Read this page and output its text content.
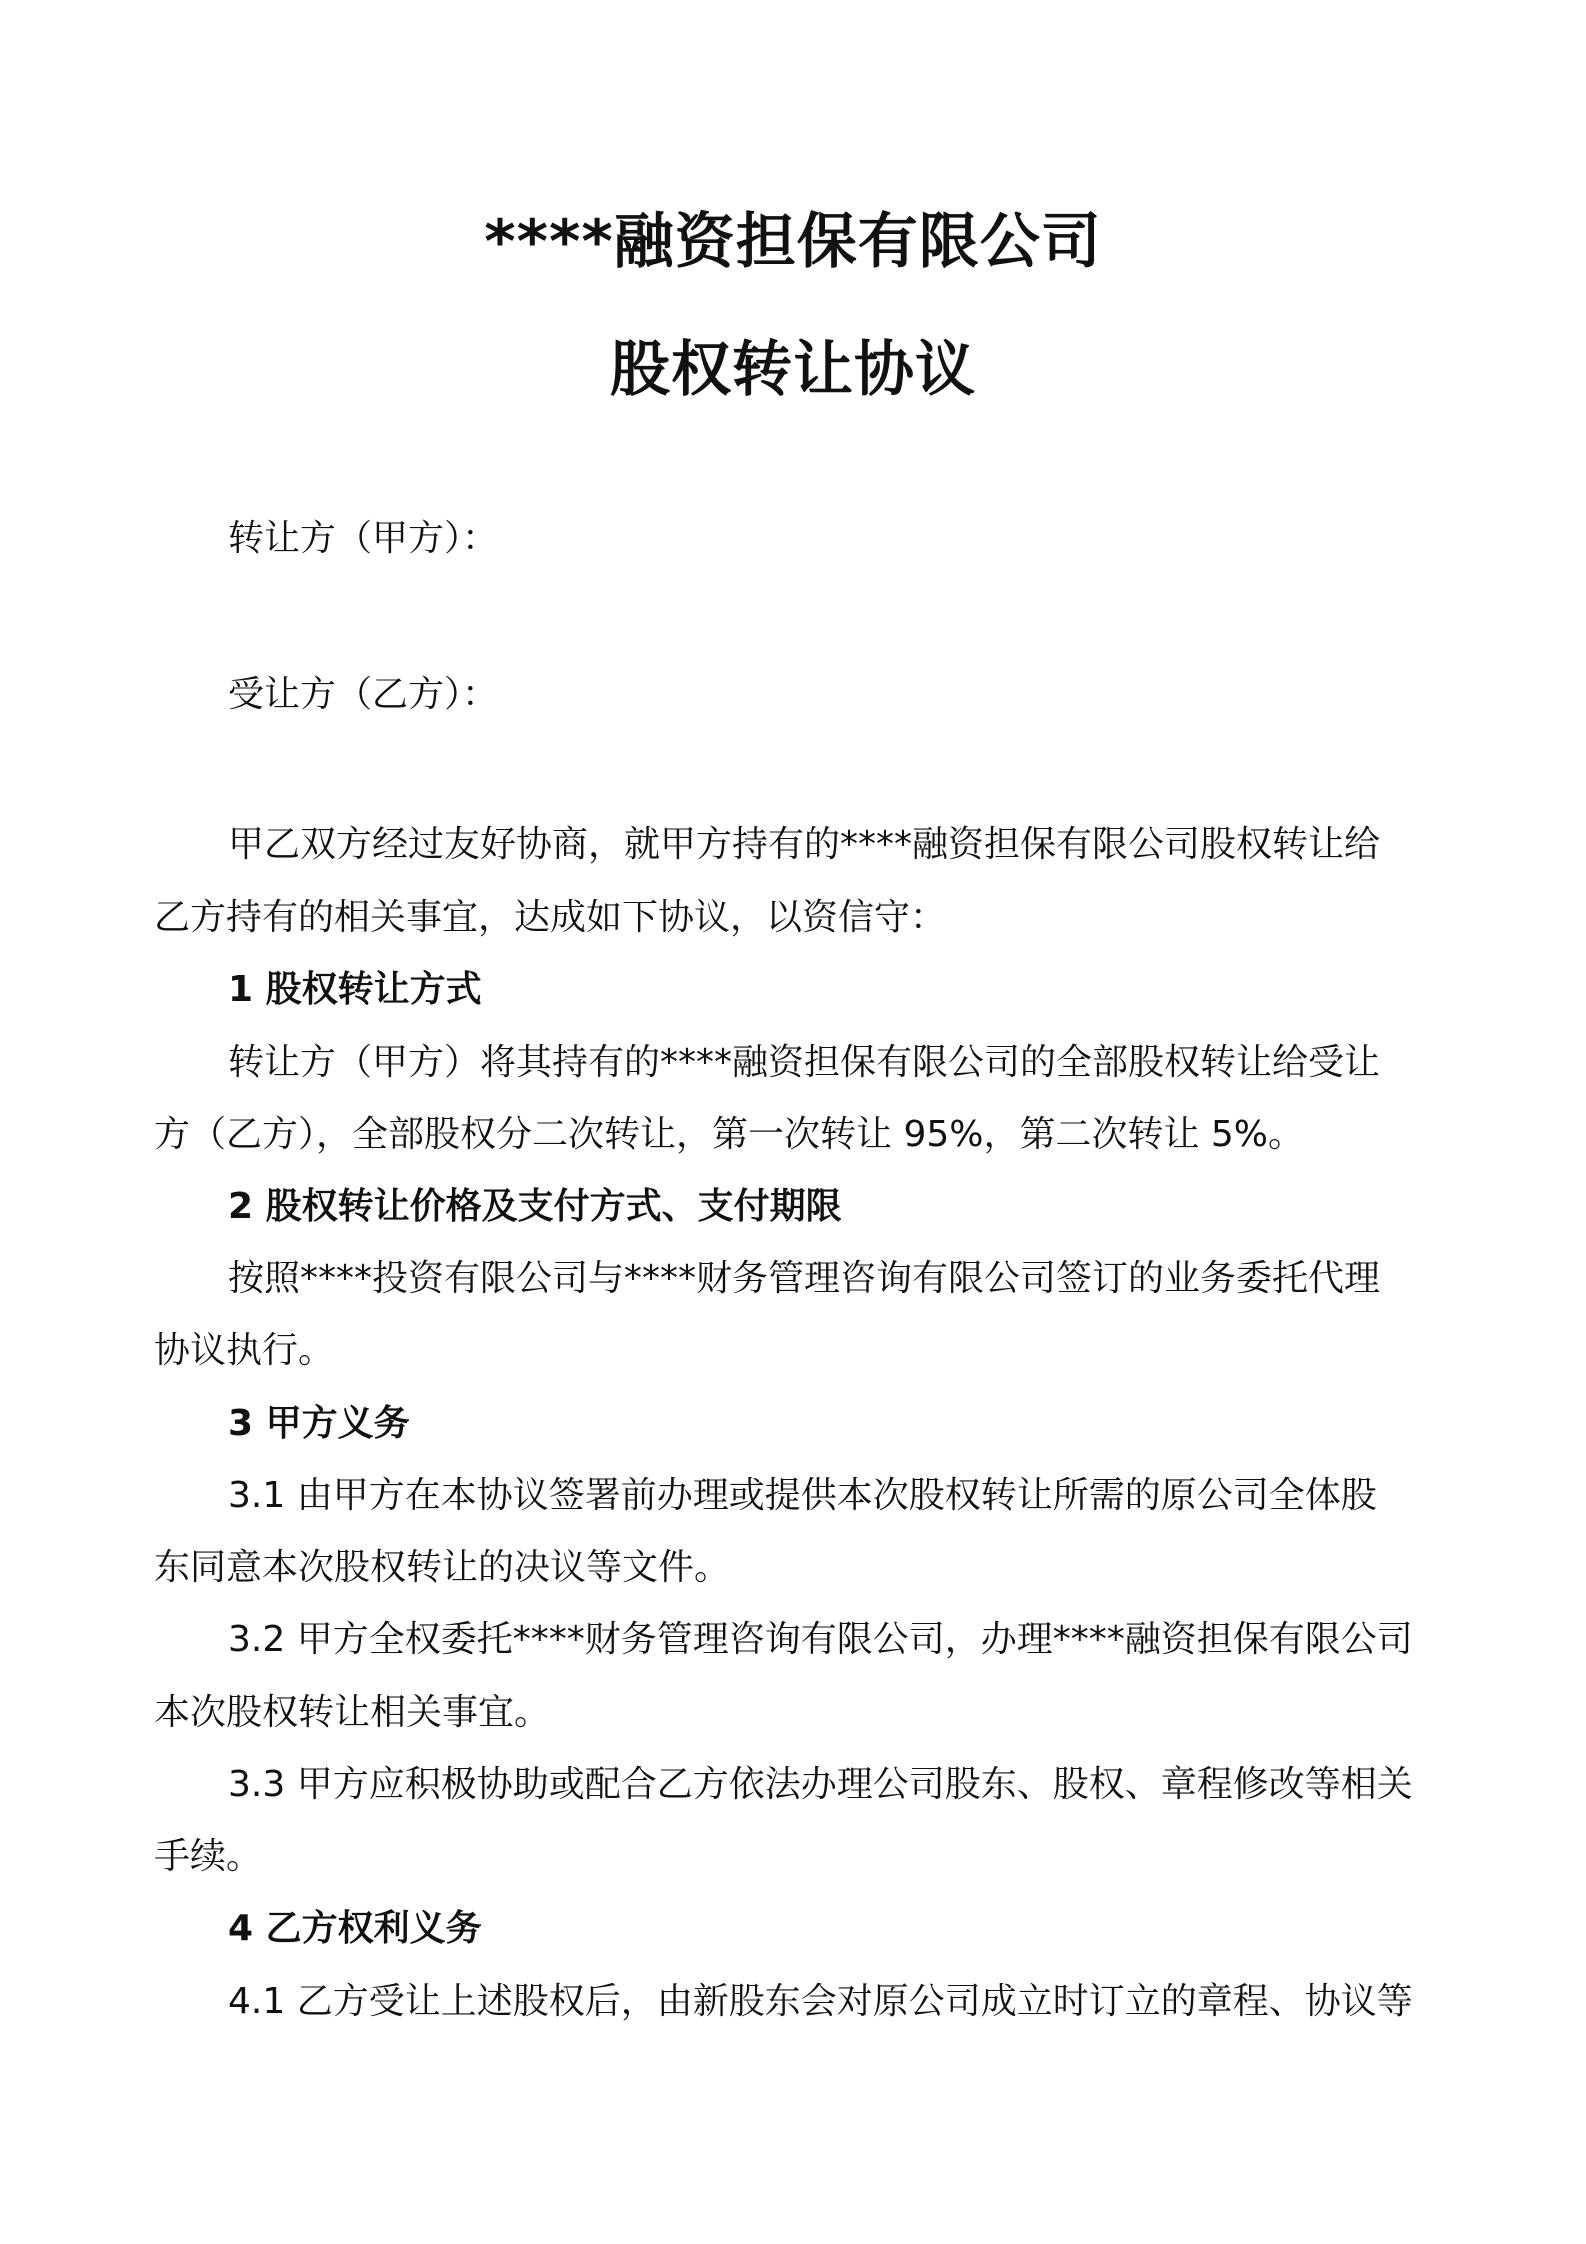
****融资担保有限公司
股权转让协议

转让方（甲方）：

受让方（乙方）：

甲乙双方经过友好协商，就甲方持有的****融资担保有限公司股权转让给

乙方持有的相关事宜，达成如下协议，以资信守：

1 股权转让方式

转让方（甲方）将其持有的****融资担保有限公司的全部股权转让给受让

方（乙方），全部股权分二次转让，第一次转让 95%，第二次转让 5%。

2 股权转让价格及支付方式、支付期限

按照****投资有限公司与****财务管理咨询有限公司签订的业务委托代理

协议执行。

3 甲方义务

3.1 由甲方在本协议签署前办理或提供本次股权转让所需的原公司全体股

东同意本次股权转让的决议等文件。

3.2 甲方全权委托****财务管理咨询有限公司，办理****融资担保有限公司

本次股权转让相关事宜。

3.3 甲方应积极协助或配合乙方依法办理公司股东、股权、章程修改等相关

手续。

4 乙方权利义务

4.1 乙方受让上述股权后，由新股东会对原公司成立时订立的章程、协议等
